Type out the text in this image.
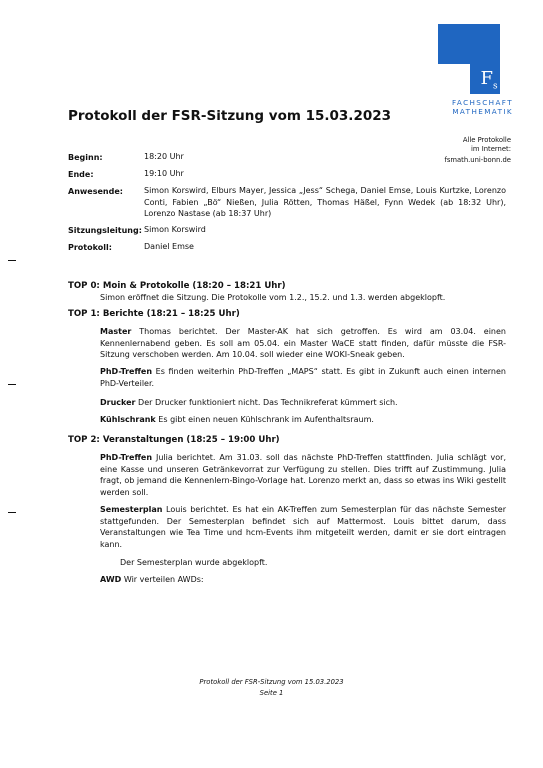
$F_s$
FACHSCHAFT
MATHEMATIK
Protokoll der FSR-Sitzung vom 15.03.2023
Alle Protokolle
im Internet:
fsmath.uni-bonn.de
Beginn:	18:20 Uhr
Ende:	19:10 Uhr
Anwesende:	Simon Korswird, Elburs Mayer, Jessica „Jess“ Schega, Daniel Emse, Louis Kurtzke, Lorenzo Conti, Fabien „Bö“ Nießen, Julia Rötten, Thomas Häßel, Fynn Wedek (ab 18:32 Uhr), Lorenzo Nastase (ab 18:37 Uhr)
Sitzungsleitung: Simon Korswird
Protokoll:	Daniel Emse
TOP 0: Moin & Protokolle (18:20 – 18:21 Uhr)
Simon eröffnet die Sitzung. Die Protokolle vom 1.2., 15.2. und 1.3. werden abgeklopft.
TOP 1: Berichte (18:21 – 18:25 Uhr)
Master Thomas berichtet. Der Master-AK hat sich getroffen. Es wird am 03.04. einen Kennenlernabend geben. Es soll am 05.04. ein Master WaCE statt finden, dafür müsste die FSR-Sitzung verschoben werden. Am 10.04. soll wieder eine WOKI-Sneak geben.
PhD-Treffen Es finden weiterhin PhD-Treffen „MAPS“ statt. Es gibt in Zukunft auch einen internen PhD-Verteiler.
Drucker Der Drucker funktioniert nicht. Das Technikreferat kümmert sich.
Kühlschrank Es gibt einen neuen Kühlschrank im Aufenthaltsraum.
TOP 2: Veranstaltungen (18:25 – 19:00 Uhr)
PhD-Treffen Julia berichtet. Am 31.03. soll das nächste PhD-Treffen stattfinden. Julia schlägt vor, eine Kasse und unseren Getränkevorrat zur Verfügung zu stellen. Dies trifft auf Zustimmung. Julia fragt, ob jemand die Kennenlern-Bingo-Vorlage hat. Lorenzo merkt an, dass so etwas ins Wiki gestellt werden soll.
Semesterplan Louis berichtet. Es hat ein AK-Treffen zum Semesterplan für das nächste Semester stattgefunden. Der Semesterplan befindet sich auf Mattermost. Louis bittet darum, dass Veranstaltungen wie Tea Time und hcm-Events ihm mitgeteilt werden, damit er sie dort eintragen kann.
Der Semesterplan wurde abgeklopft.
AWD Wir verteilen AWDs:
Protokoll der FSR-Sitzung vom 15.03.2023
Seite 1
